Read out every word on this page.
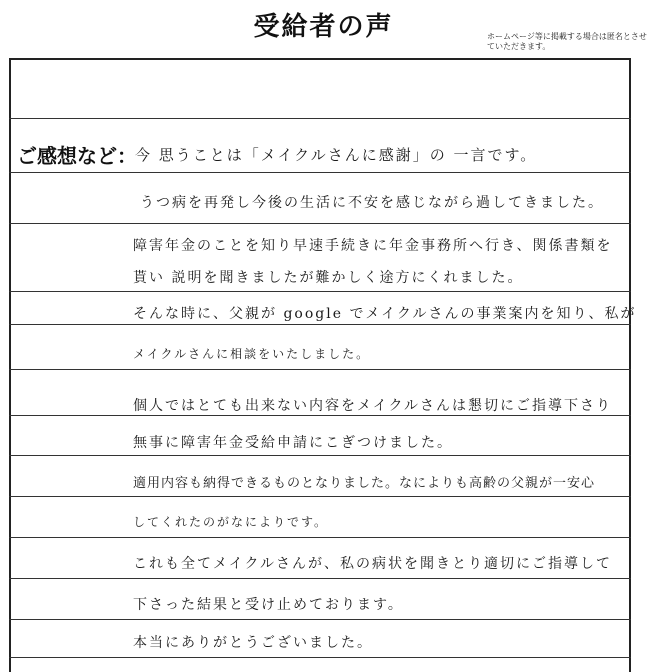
受給者の声	ホームページ等に掲載する場合は匿名とさせていただきます。
ご感想など：
今 思うことは「メイクルさんに感謝」の 一言です。
うつ病を再発し今後の生活に不安を感じながら過してきました。
障害年金のことを知り早速手続きに年金事務所へ行き、関係書類を
貰い 説明を聞きましたが難かしく途方にくれました。
そんな時に、父親が google でメイクルさんの事業案内を知り、私が
メイクルさんに相談をいたしました。
個人ではとても出来ない内容をメイクルさんは懇切にご指導下さり
無事に障害年金受給申請にこぎつけました。
適用内容も納得できるものとなりました。なによりも高齢の父親が一安心
してくれたのがなによりです。
これも全てメイクルさんが、私の病状を聞きとり適切にご指導して
下さった結果と受け止めております。
本当にありがとうございました。
